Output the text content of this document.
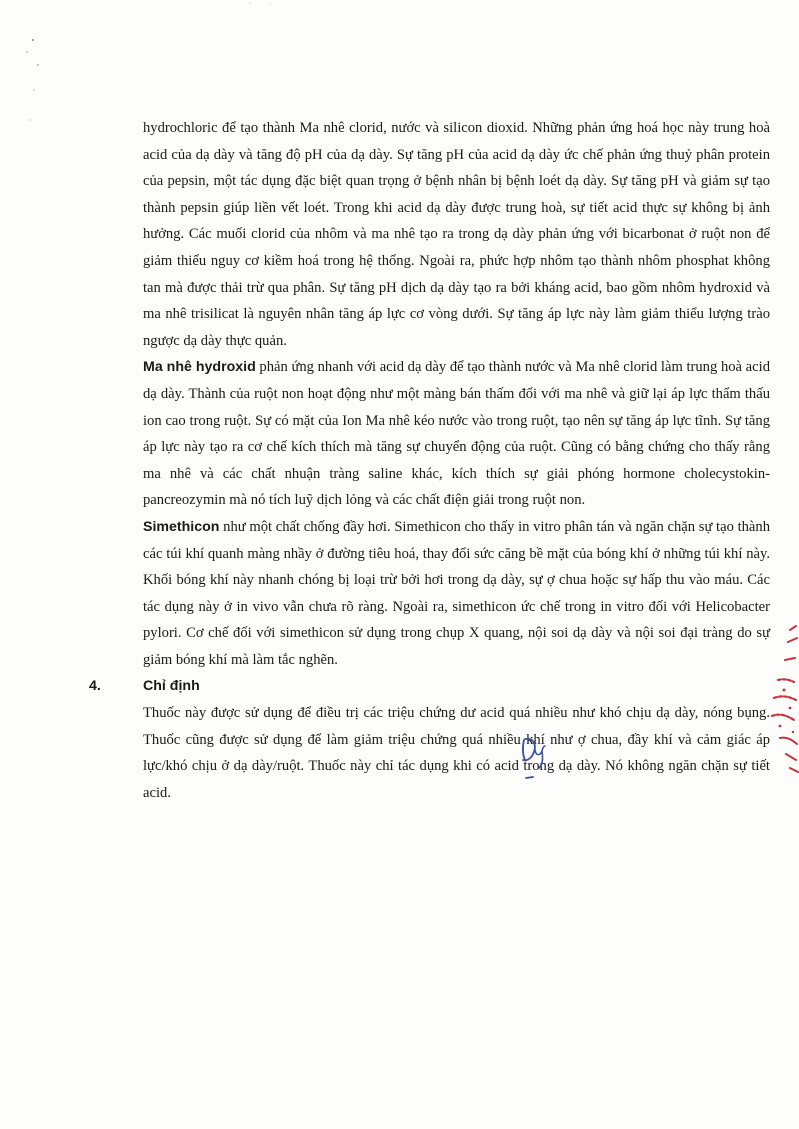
hydrochloric để tạo thành Ma nhê clorid, nước và silicon dioxid. Những phản ứng hoá học này trung hoà acid của dạ dày và tăng độ pH của dạ dày. Sự tăng pH của acid dạ dày ức chế phản ứng thuỷ phân protein của pepsin, một tác dụng đặc biệt quan trọng ở bệnh nhân bị bệnh loét dạ dày. Sự tăng pH và giảm sự tạo thành pepsin giúp liền vết loét. Trong khi acid dạ dày được trung hoà, sự tiết acid thực sự không bị ảnh hưởng. Các muối clorid của nhôm và ma nhê tạo ra trong dạ dày phản ứng với bicarbonat ở ruột non để giảm thiểu nguy cơ kiềm hoá trong hệ thống. Ngoài ra, phức hợp nhôm tạo thành nhôm phosphat không tan mà được thải trừ qua phân. Sự tăng pH dịch dạ dày tạo ra bởi kháng acid, bao gồm nhôm hydroxid và ma nhê trisilicat là nguyên nhân tăng áp lực cơ vòng dưới. Sự tăng áp lực này làm giảm thiểu lượng trào ngược dạ dày thực quản.

Ma nhê hydroxid phản ứng nhanh với acid dạ dày để tạo thành nước và Ma nhê clorid làm trung hoà acid dạ dày. Thành của ruột non hoạt động như một màng bán thấm đối với ma nhê và giữ lại áp lực thẩm thấu ion cao trong ruột. Sự có mặt của Ion Ma nhê kéo nước vào trong ruột, tạo nên sự tăng áp lực tĩnh. Sự tăng áp lực này tạo ra cơ chế kích thích mà tăng sự chuyển động của ruột. Cũng có bằng chứng cho thấy rằng ma nhê và các chất nhuận tràng saline khác, kích thích sự giải phóng hormone cholecystokin-pancreozymin mà nó tích luỹ dịch lỏng và các chất điện giải trong ruột non.

Simethicon như một chất chống đầy hơi. Simethicon cho thấy in vitro phân tán và ngăn chặn sự tạo thành các túi khí quanh màng nhầy ở đường tiêu hoá, thay đổi sức căng bề mặt của bóng khí ở những túi khí này. Khối bóng khí này nhanh chóng bị loại trừ bởi hơi trong dạ dày, sự ợ chua hoặc sự hấp thu vào máu. Các tác dụng này ở in vivo vẫn chưa rõ ràng. Ngoài ra, simethicon ức chế trong in vitro đối với Helicobacter pylori. Cơ chế đối với simethicon sử dụng trong chụp X quang, nội soi dạ dày và nội soi đại tràng do sự giảm bóng khí mà làm tắc nghẽn.

4.	Chỉ định

Thuốc này được sử dụng để điều trị các triệu chứng dư acid quá nhiều như khó chịu dạ dày, nóng bụng. Thuốc cũng được sử dụng để làm giảm triệu chứng quá nhiều khí như ợ chua, đầy khí và cảm giác áp lực/khó chịu ở dạ dày/ruột. Thuốc này chỉ tác dụng khi có acid trong dạ dày. Nó không ngăn chặn sự tiết acid.
